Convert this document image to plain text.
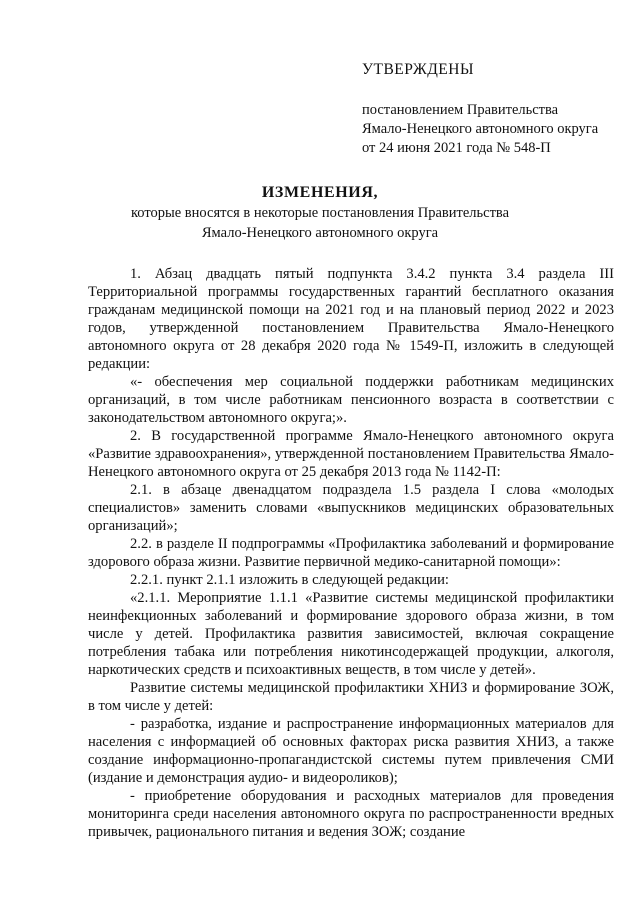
УТВЕРЖДЕНЫ
постановлением Правительства
Ямало-Ненецкого автономного округа
от 24 июня 2021 года № 548-П
ИЗМЕНЕНИЯ,
которые вносятся в некоторые постановления Правительства
Ямало-Ненецкого автономного округа

1. Абзац двадцать пятый подпункта 3.4.2 пункта 3.4 раздела III Территориальной программы государственных гарантий бесплатного оказания гражданам медицинской помощи на 2021 год и на плановый период 2022 и 2023 годов, утвержденной постановлением Правительства Ямало-Ненецкого автономного округа от 28 декабря 2020 года № 1549-П, изложить в следующей редакции:

«- обеспечения мер социальной поддержки работникам медицинских организаций, в том числе работникам пенсионного возраста в соответствии с законодательством автономного округа;».

2. В государственной программе Ямало-Ненецкого автономного округа «Развитие здравоохранения», утвержденной постановлением Правительства Ямало-Ненецкого автономного округа от 25 декабря 2013 года № 1142-П:

2.1. в абзаце двенадцатом подраздела 1.5 раздела I слова «молодых специалистов» заменить словами «выпускников медицинских образовательных организаций»;

2.2. в разделе II подпрограммы «Профилактика заболеваний и формирование здорового образа жизни. Развитие первичной медико-санитарной помощи»:

2.2.1. пункт 2.1.1 изложить в следующей редакции:

«2.1.1. Мероприятие 1.1.1 «Развитие системы медицинской профилактики неинфекционных заболеваний и формирование здорового образа жизни, в том числе у детей. Профилактика развития зависимостей, включая сокращение потребления табака или потребления никотинсодержащей продукции, алкоголя, наркотических средств и психоактивных веществ, в том числе у детей».

Развитие системы медицинской профилактики ХНИЗ и формирование ЗОЖ, в том числе у детей:

- разработка, издание и распространение информационных материалов для населения с информацией об основных факторах риска развития ХНИЗ, а также создание информационно-пропагандистской системы путем привлечения СМИ (издание и демонстрация аудио- и видеороликов);

- приобретение оборудования и расходных материалов для проведения мониторинга среди населения автономного округа по распространенности вредных привычек, рационального питания и ведения ЗОЖ; создание
